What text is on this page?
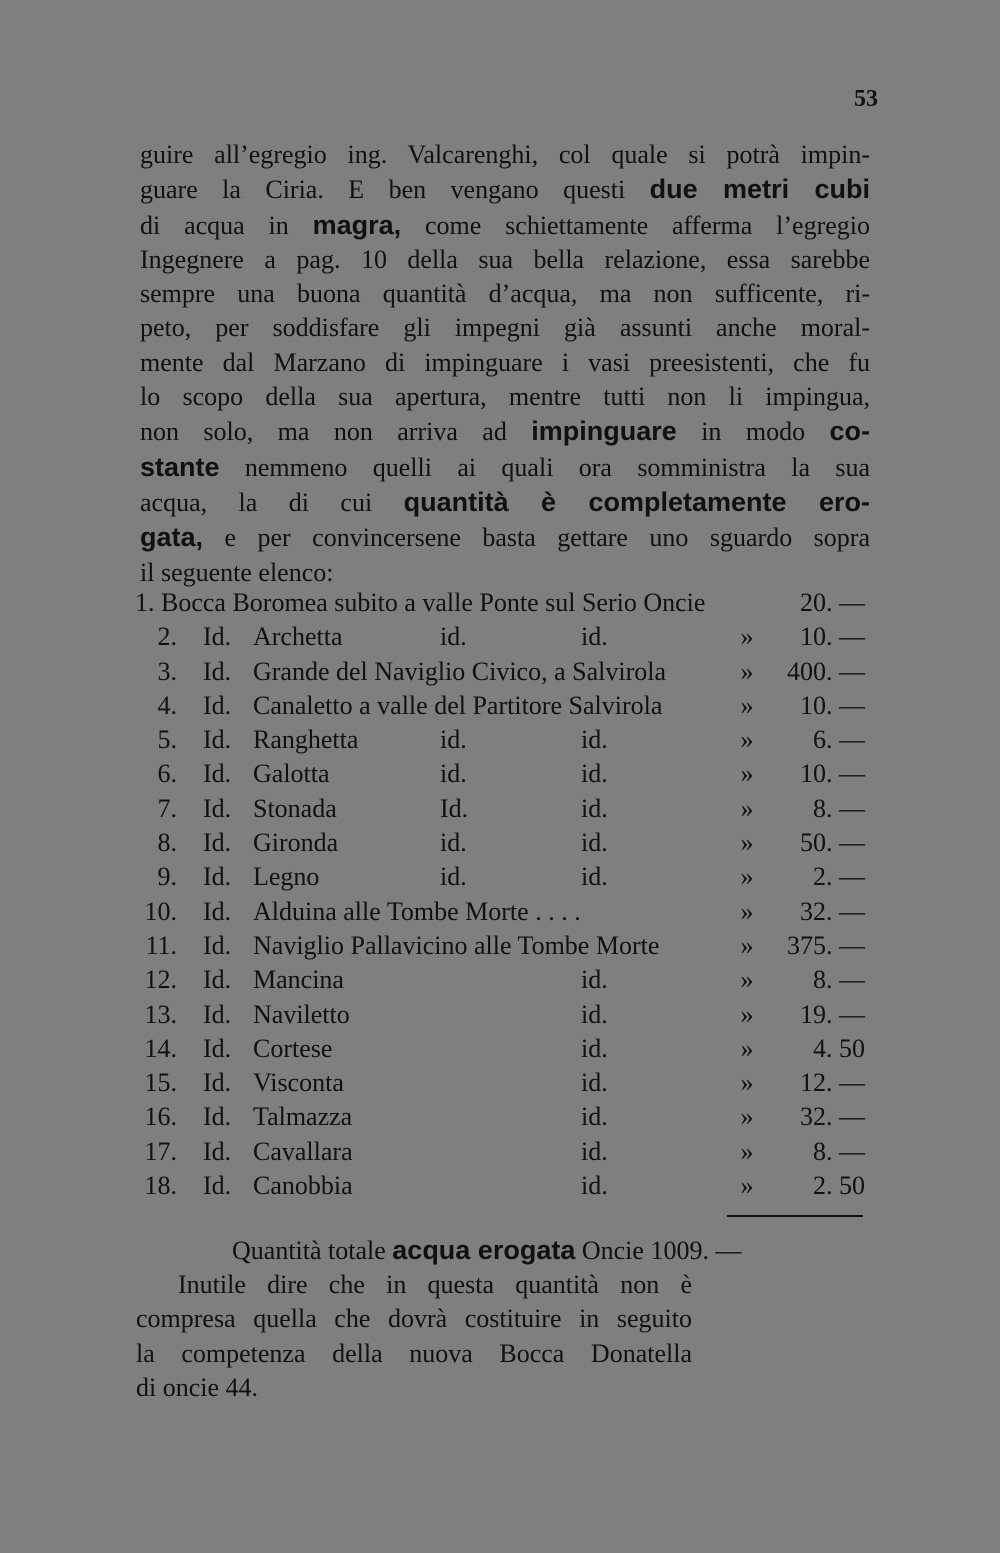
53
guire all’egregio ing. Valcarenghi, col quale si potrà impin-
guare la Ciria. E ben vengano questi due metri cubi
di acqua in magra, come schiettamente afferma l’egregio
Ingegnere a pag. 10 della sua bella relazione, essa sarebbe
sempre una buona quantità d’acqua, ma non sufficente, ri-
peto, per soddisfare gli impegni già assunti anche moral-
mente dal Marzano di impinguare i vasi preesistenti, che fu
lo scopo della sua apertura, mentre tutti non li impingua,
non solo, ma non arriva ad impinguare in modo co-
stante nemmeno quelli ai quali ora somministra la sua
acqua, la di cui quantità è completamente ero-
gata, e per convincersene basta gettare uno sguardo sopra
il seguente elenco:
1. Bocca Boromea subito a valle Ponte sul Serio Oncie	20. —
2. Id. Archetta	id.	id.	»	10. —
3. Id. Grande del Naviglio Civico, a Salvirola	»	400. —
4. Id. Canaletto a valle del Partitore Salvirola	»	10. —
5. Id. Ranghetta	id.	id.	»	6. —
6. Id. Galotta	id.	id.	»	10. —
7. Id. Stonada	Id.	id.	»	8. —
8. Id. Gironda	id.	id.	»	50. —
9. Id. Legno	id.	id.	»	2. —
10. Id. Alduina alle Tombe Morte . . . .	»	32. —
11. Id. Naviglio Pallavicino alle Tombe Morte	»	375. —
12. Id. Mancina	id.	»	8. —
13. Id. Naviletto	id.	»	19. —
14. Id. Cortese	id.	»	4. 50
15. Id. Visconta	id.	»	12. —
16. Id. Talmazza	id.	»	32. —
17. Id. Cavallara	id.	»	8. —
18. Id. Canobbia	id.	»	2. 50
Quantità totale acqua erogata Oncie 1009. —
Inutile dire che in questa quantità non è
compresa quella che dovrà costituire in seguito
la competenza della nuova Bocca Donatella
di oncie 44.
